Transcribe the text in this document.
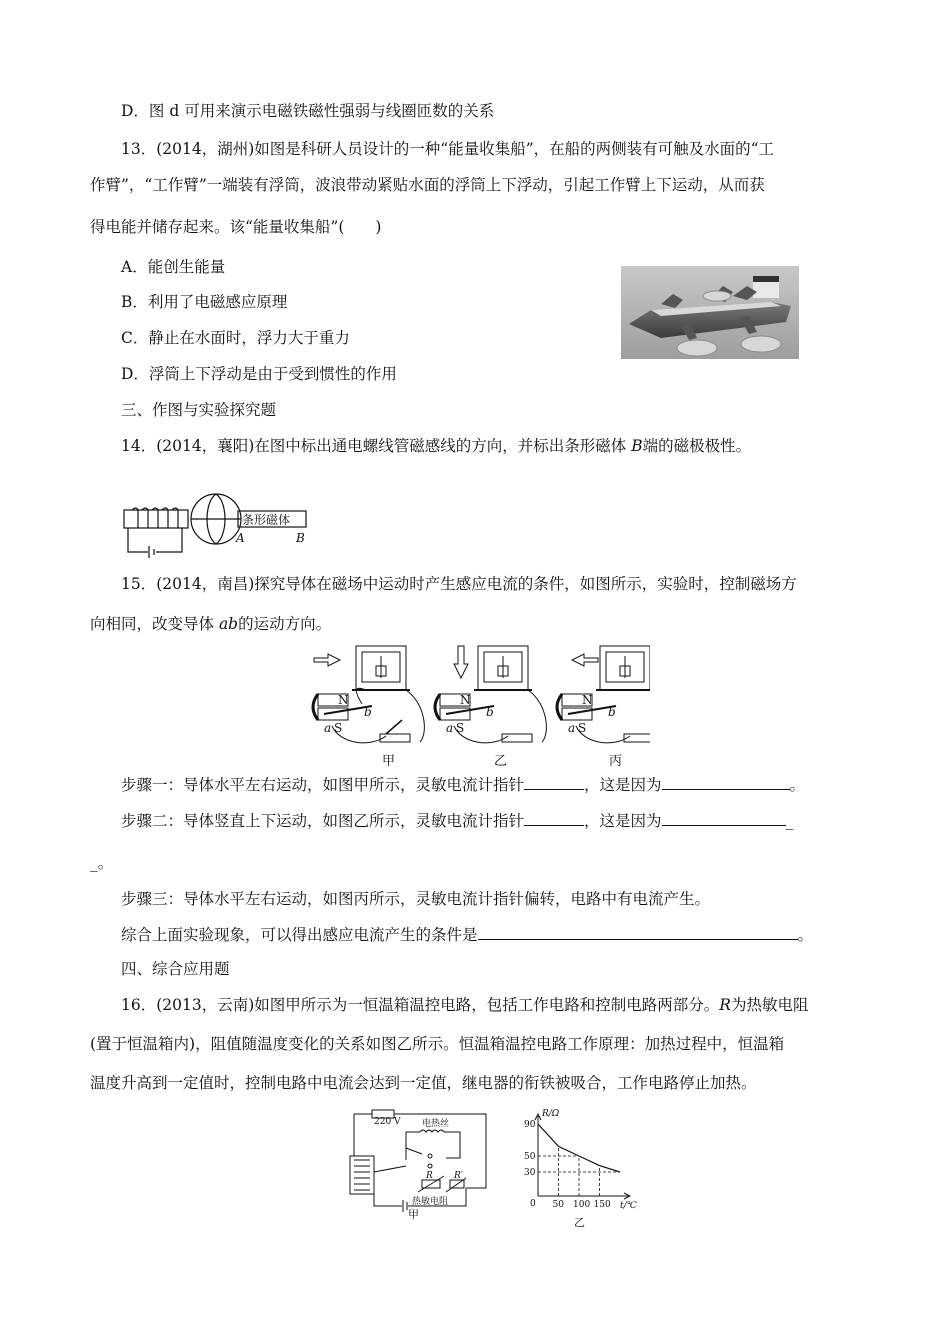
D．图 d 可用来演示电磁铁磁性强弱与线圈匝数的关系
13．(2014，湖州)如图是科研人员设计的一种“能量收集船”，在船的两侧装有可触及水面的“工
作臂”，“工作臂”一端装有浮筒，波浪带动紧贴水面的浮筒上下浮动，引起工作臂上下运动，从而获
得电能并储存起来。该“能量收集船”(　　)
A．能创生能量
B．利用了电磁感应原理
C．静止在水面时，浮力大于重力
D．浮筒上下浮动是由于受到惯性的作用
三、作图与实验探究题
14．(2014，襄阳)在图中标出通电螺线管磁感线的方向，并标出条形磁体 B端的磁极极性。
条形磁体
A	B
15．(2014，南昌)探究导体在磁场中运动时产生感应电流的条件，如图所示，实验时，控制磁场方
向相同，改变导体 ab的运动方向。
N
S
a
b
N
S
a
b
N
S
a
b
甲	乙	丙
步骤一：导体水平左右运动，如图甲所示，灵敏电流计指针	，这是因为	。
步骤二：导体竖直上下运动，如图乙所示，灵敏电流计指针	，这是因为	_
_。
步骤三：导体水平左右运动，如图丙所示，灵敏电流计指针偏转，电路中有电流产生。
综合上面实验现象，可以得出感应电流产生的条件是	。
四、综合应用题
16．(2013，云南)如图甲所示为一恒温箱温控电路，包括工作电路和控制电路两部分。R为热敏电阻
(置于恒温箱内)，阻值随温度变化的关系如图乙所示。恒温箱温控电路工作原理：加热过程中，恒温箱
温度升高到一定值时，控制电路中电流会达到一定值，继电器的衔铁被吸合，工作电路停止加热。
220 V 电热丝
R R′
热敏电阻
甲
50 100 150
90
50
30
R/Ω
t/℃
0
乙
